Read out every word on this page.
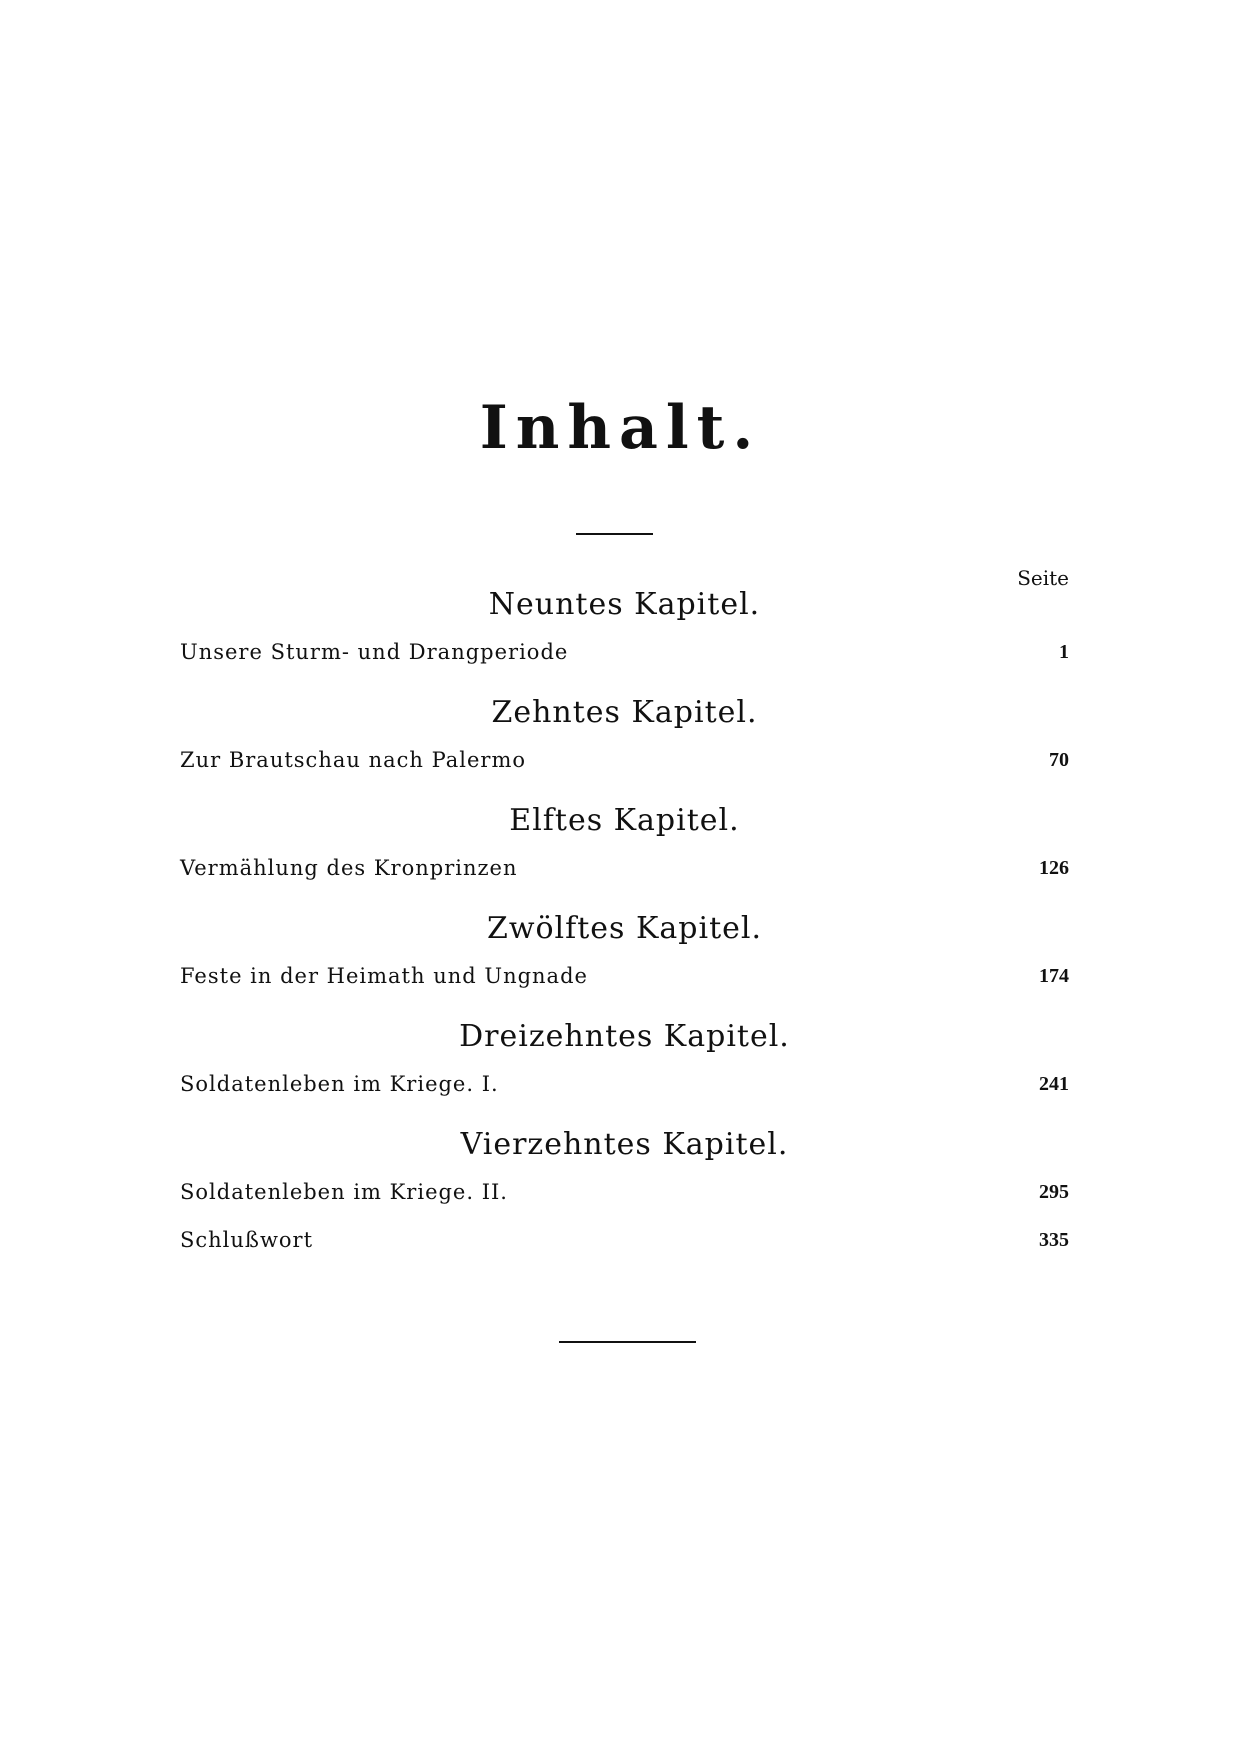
Inhalt.
Seite
Neuntes Kapitel.
Unsere Sturm- und Drangperiode	1
Zehntes Kapitel.
Zur Brautschau nach Palermo	70
Elftes Kapitel.
Vermählung des Kronprinzen	126
Zwölftes Kapitel.
Feste in der Heimath und Ungnade	174
Dreizehntes Kapitel.
Soldatenleben im Kriege. I.	241
Vierzehntes Kapitel.
Soldatenleben im Kriege. II.	295
Schlußwort	335
